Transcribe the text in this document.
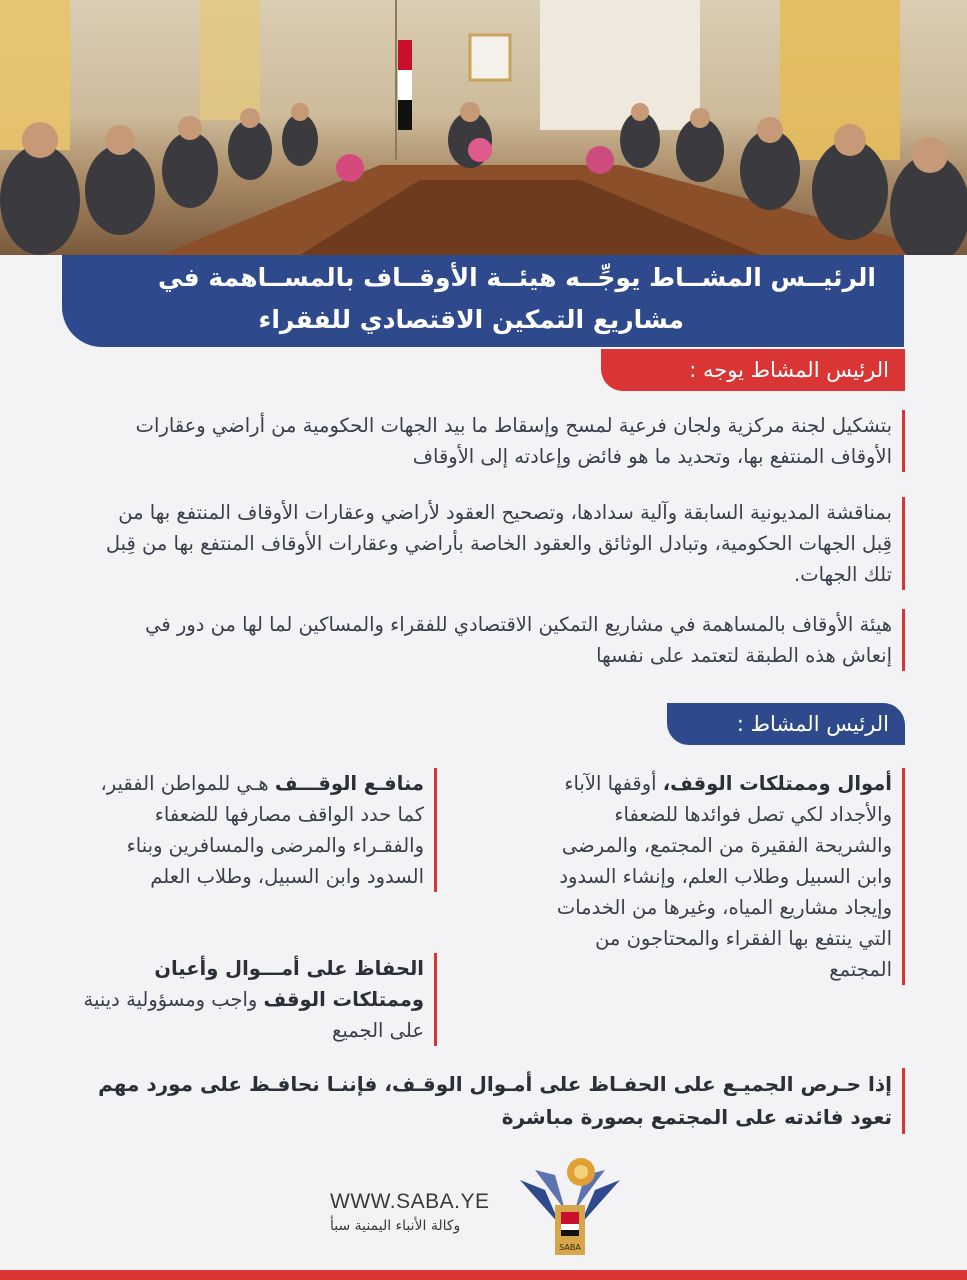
الرئيــس المشــاط يوجِّــه هيئــة الأوقــاف بالمســاهمة في
مشاريع التمكين الاقتصادي للفقراء
الرئيس المشاط يوجه :
بتشكيل لجنة مركزية ولجان فرعية لمسح وإسقاط ما بيد الجهات الحكومية من أراضي وعقارات الأوقاف المنتفع بها، وتحديد ما هو فائض وإعادته إلى الأوقاف
بمناقشة المديونية السابقة وآلية سدادها، وتصحيح العقود لأراضي وعقارات الأوقاف المنتفع بها من قِبل الجهات الحكومية، وتبادل الوثائق والعقود الخاصة بأراضي وعقارات الأوقاف المنتفع بها من قِبل تلك الجهات.
هيئة الأوقاف بالمساهمة في مشاريع التمكين الاقتصادي للفقراء والمساكين لما لها من دور في إنعاش هذه الطبقة لتعتمد على نفسها
الرئيس المشاط :
أموال وممتلكات الوقف، أوقفها الآباء والأجداد لكي تصل فوائدها للضعفاء والشريحة الفقيرة من المجتمع، والمرضى وابن السبيل وطلاب العلم، وإنشاء السدود وإيجاد مشاريع المياه، وغيرها من الخدمات التي ينتفع بها الفقراء والمحتاجون من المجتمع
منافـع الوقـــف هـي للمواطن الفقير، كما حدد الواقف مصارفها للضعفاء والفقـراء والمرضى والمسافرين وبناء السدود وابن السبيل، وطلاب العلم
الحفاظ على أمـــوال وأعيان وممتلكات الوقف واجب ومسؤولية دينية على الجميع
إذا حـرص الجميـع على الحفـاظ على أمـوال الوقـف، فإننـا نحافـظ على مورد مهم تعود فائدته على المجتمع بصورة مباشرة
WWW.SABA.YE
وكالة الأنباء اليمنية سبأ
SABA
